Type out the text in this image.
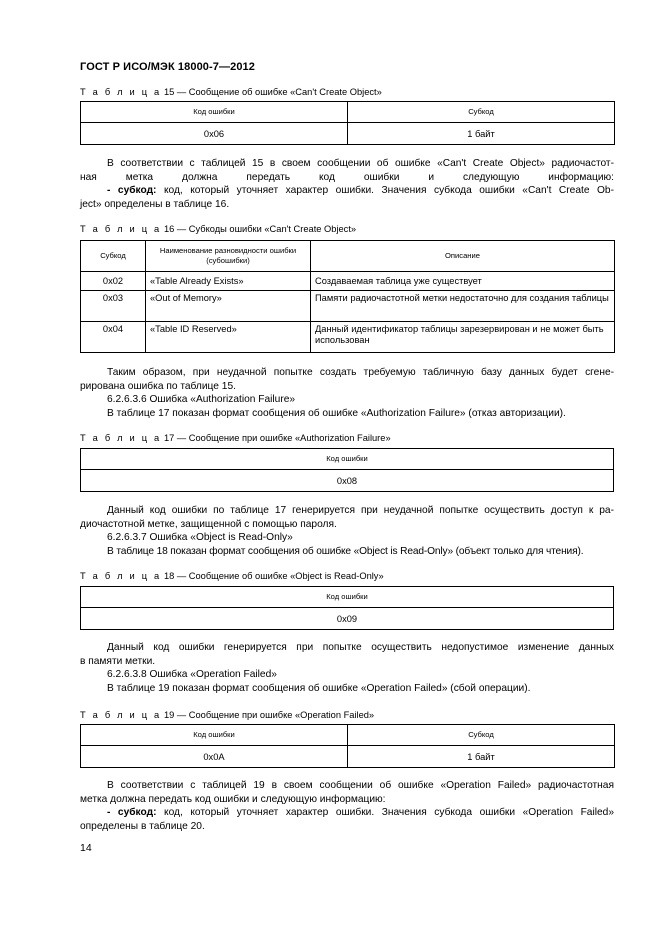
ГОСТ Р ИСО/МЭК 18000-7—2012
Т а б л и ц а 15 — Сообщение об ошибке «Can't Create Object»
Код ошибки	Субкод
0x06	1 байт
В соответствии с таблицей 15 в своем сообщении об ошибке «Can't Create Object» радиочастот-
ная метка должна передать код ошибки и следующую информацию:
- субкод: код, который уточняет характер ошибки. Значения субкода ошибки «Can't Create Ob-
ject» определены в таблице 16.
Т а б л и ц а 16 — Субкоды ошибки «Can't Create Object»
Субкод	Наименование разновидности ошибки (субошибки)	Описание
0x02	«Table Already Exists»	Создаваемая таблица уже существует
0x03	«Out of Memory»	Памяти радиочастотной метки недостаточно для создания таблицы
0x04	«Table ID Reserved»	Данный идентификатор таблицы зарезервирован и не может быть использован
Таким образом, при неудачной попытке создать требуемую табличную базу данных будет сгене-
рирована ошибка по таблице 15.
6.2.6.3.6 Ошибка «Authorization Failure»
В таблице 17 показан формат сообщения об ошибке «Authorization Failure» (отказ авторизации).
Т а б л и ц а 17 — Сообщение при ошибке «Authorization Failure»
Код ошибки
0x08
Данный код ошибки по таблице 17 генерируется при неудачной попытке осуществить доступ к ра-
диочастотной метке, защищенной с помощью пароля.
6.2.6.3.7 Ошибка «Object is Read-Only»
В таблице 18 показан формат сообщения об ошибке «Object is Read-Only» (объект только для чтения).
Т а б л и ц а 18 — Сообщение об ошибке «Object is Read-Only»
Код ошибки
0x09
Данный код ошибки генерируется при попытке осуществить недопустимое изменение данных
в памяти метки.
6.2.6.3.8 Ошибка «Operation Failed»
В таблице 19 показан формат сообщения об ошибке «Operation Failed» (сбой операции).
Т а б л и ц а 19 — Сообщение при ошибке «Operation Failed»
Код ошибки	Субкод
0x0A	1 байт
В соответствии с таблицей 19 в своем сообщении об ошибке «Operation Failed» радиочастотная
метка должна передать код ошибки и следующую информацию:
- субкод: код, который уточняет характер ошибки. Значения субкода ошибки «Operation Failed»
определены в таблице 20.
14
